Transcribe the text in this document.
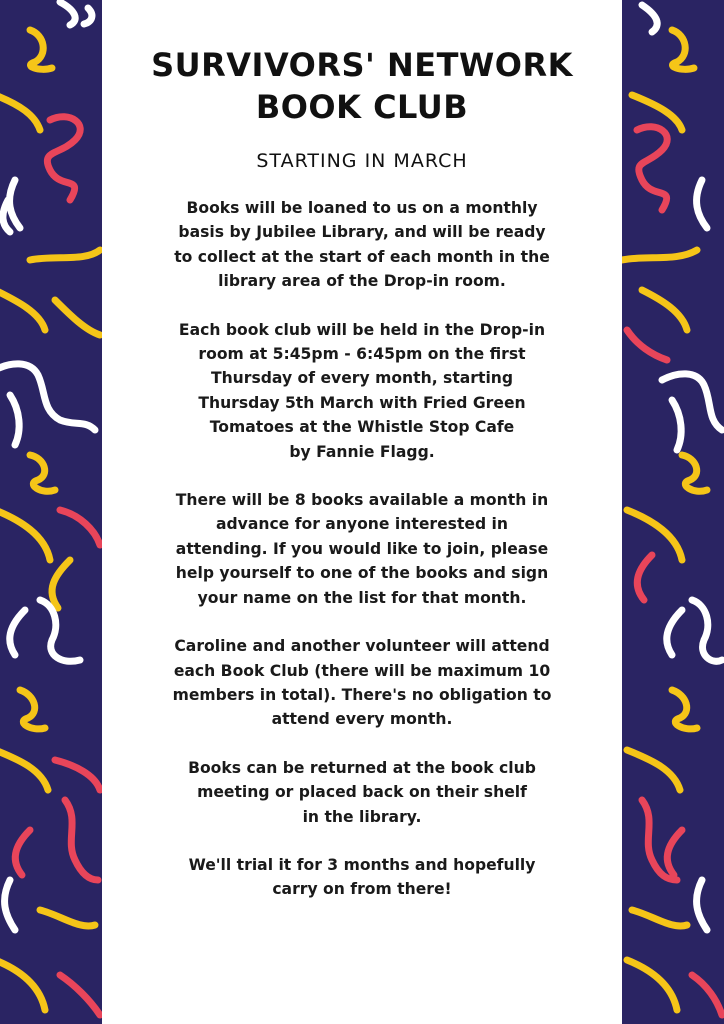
SURVIVORS' NETWORK
BOOK CLUB
STARTING IN MARCH

Books will be loaned to us on a monthly
basis by Jubilee Library, and will be ready
to collect at the start of each month in the
library area of the Drop-in room.

Each book club will be held in the Drop-in
room at 5:45pm - 6:45pm on the first
Thursday of every month, starting
Thursday 5th March with Fried Green
Tomatoes at the Whistle Stop Cafe
by Fannie Flagg.

There will be 8 books available a month in
advance for anyone interested in
attending. If you would like to join, please
help yourself to one of the books and sign
your name on the list for that month.

Caroline and another volunteer will attend
each Book Club (there will be maximum 10
members in total). There's no obligation to
attend every month.

Books can be returned at the book club
meeting or placed back on their shelf
in the library.

We'll trial it for 3 months and hopefully
carry on from there!
